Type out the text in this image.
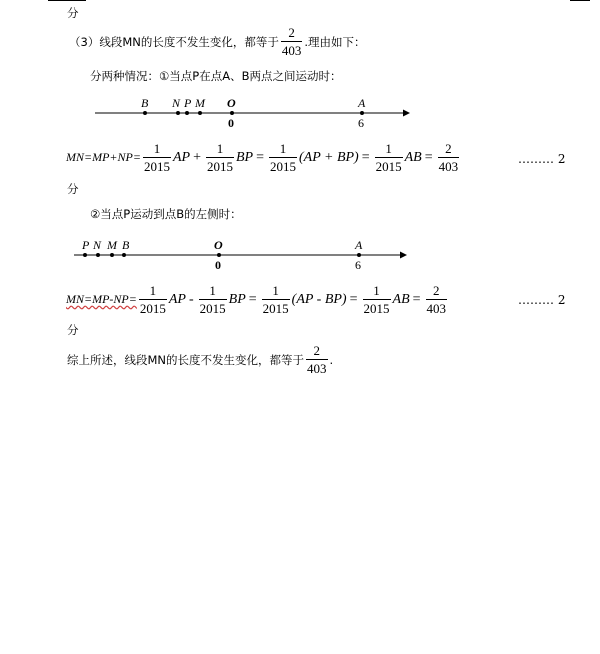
分
（3）线段MN的长度不发生变化，都等于 $\frac{2}{403}$ .理由如下：
分两种情况：①当点P在点A、B两点之间运动时：
B N P M O	A
0	6
$MN=MP+NP= \frac{1}{2015}$ AP + $\frac{1}{2015}$ BP = $\frac{1}{2015} (AP + BP) = \frac{1}{2015}$ AB = $\frac{2}{403}$	……… 2
分
②当点P运动到点B的左侧时：
P N M B	O	A
0	6
$MN=MP-NP= \frac{1}{2015}$ AP - $\frac{1}{2015}$ BP = $\frac{1}{2015} (AP - BP) = \frac{1}{2015}$ AB = $\frac{2}{403}$	……… 2
分
综上所述，线段MN的长度不发生变化，都等于 $\frac{2}{403}$ .
